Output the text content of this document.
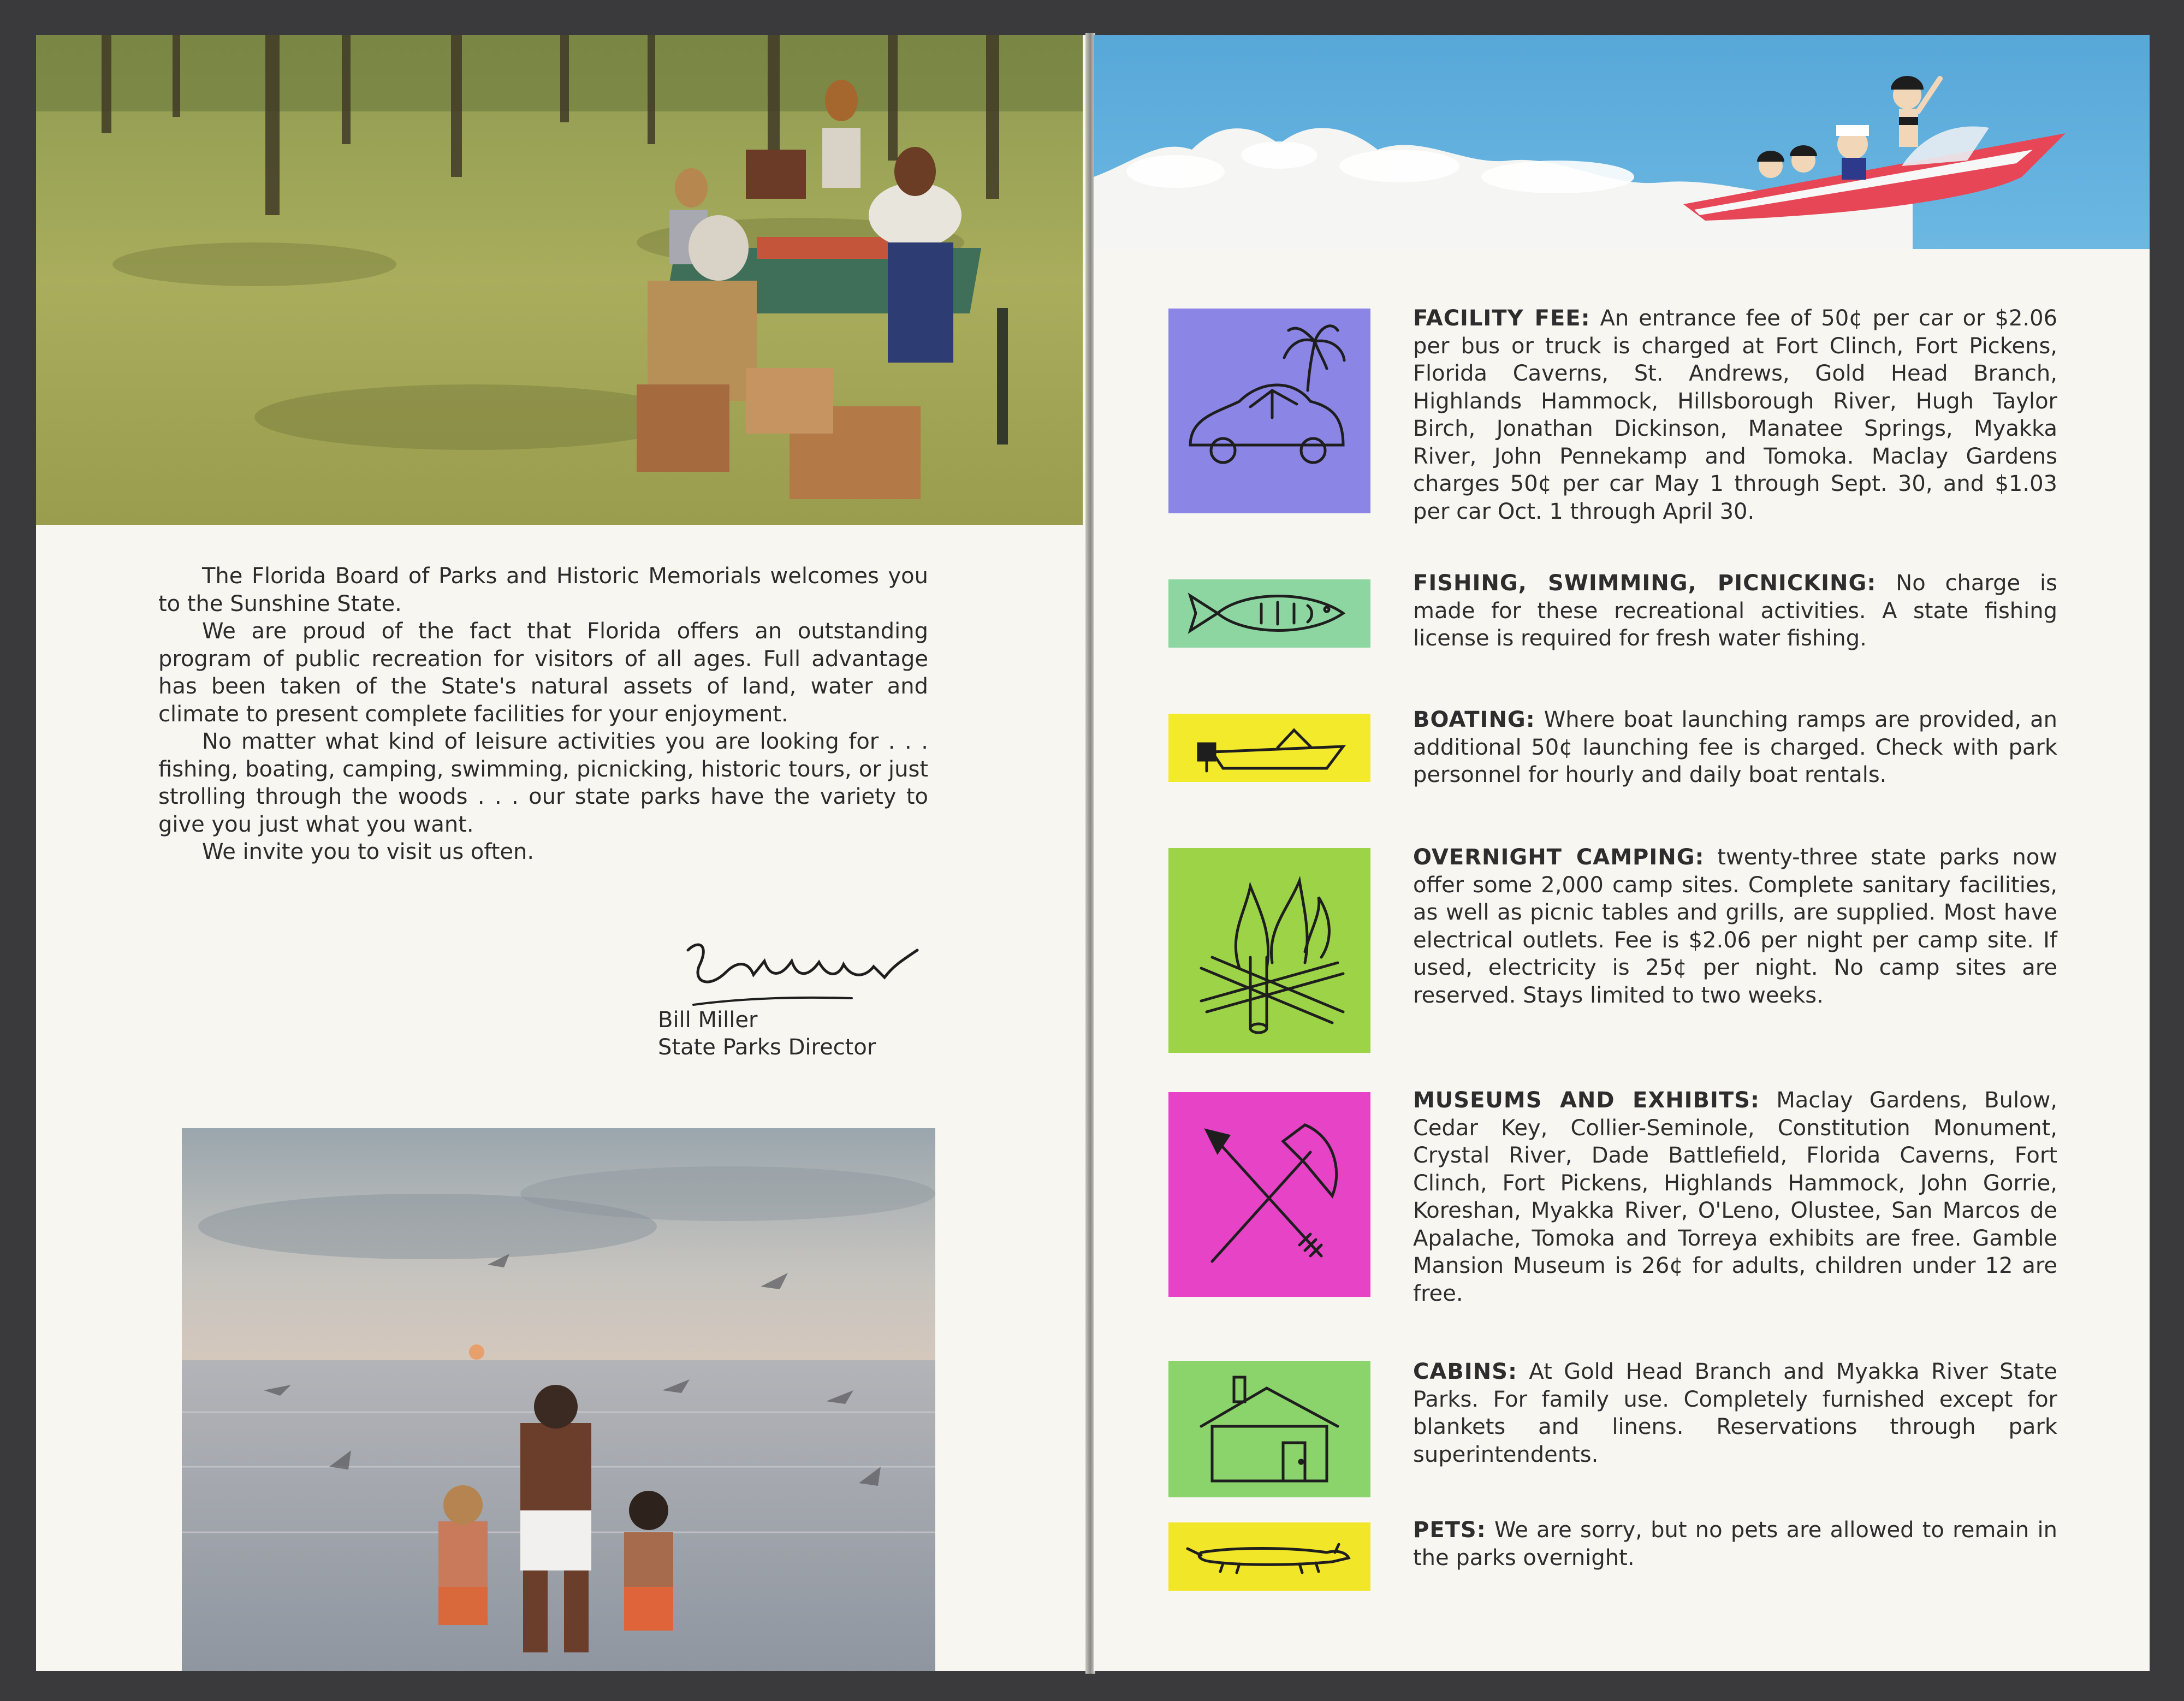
The Florida Board of Parks and Historic Memorials welcomes you to the Sunshine State.

We are proud of the fact that Florida offers an outstanding program of public recreation for visitors of all ages. Full advantage has been taken of the State's natural assets of land, water and climate to present complete facilities for your enjoyment.

No matter what kind of leisure activities you are looking for . . . fishing, boating, camping, swimming, picnicking, historic tours, or just strolling through the woods . . . our state parks have the variety to give you just what you want.

We invite you to visit us often.

Bill Miller
State Parks Director
FACILITY FEE: An entrance fee of 50¢ per car or $2.06 per bus or truck is charged at Fort Clinch, Fort Pickens, Florida Caverns, St. Andrews, Gold Head Branch, Highlands Hammock, Hillsborough River, Hugh Taylor Birch, Jonathan Dickinson, Manatee Springs, Myakka River, John Pennekamp and Tomoka. Maclay Gardens charges 50¢ per car May 1 through Sept. 30, and $1.03 per car Oct. 1 through April 30.
FISHING, SWIMMING, PICNICKING: No charge is made for these recreational activities. A state fishing license is required for fresh water fishing.
BOATING: Where boat launching ramps are provided, an additional 50¢ launching fee is charged. Check with park personnel for hourly and daily boat rentals.
OVERNIGHT CAMPING: twenty-three state parks now offer some 2,000 camp sites. Complete sanitary facilities, as well as picnic tables and grills, are supplied. Most have electrical outlets. Fee is $2.06 per night per camp site. If used, electricity is 25¢ per night. No camp sites are reserved. Stays limited to two weeks.
MUSEUMS AND EXHIBITS: Maclay Gardens, Bulow, Cedar Key, Collier-Seminole, Constitution Monument, Crystal River, Dade Battlefield, Florida Caverns, Fort Clinch, Fort Pickens, Highlands Hammock, John Gorrie, Koreshan, Myakka River, O'Leno, Olustee, San Marcos de Apalache, Tomoka and Torreya exhibits are free. Gamble Mansion Museum is 26¢ for adults, children under 12 are free.
CABINS: At Gold Head Branch and Myakka River State Parks. For family use. Completely furnished except for blankets and linens. Reservations through park superintendents.
PETS: We are sorry, but no pets are allowed to remain in the parks overnight.
